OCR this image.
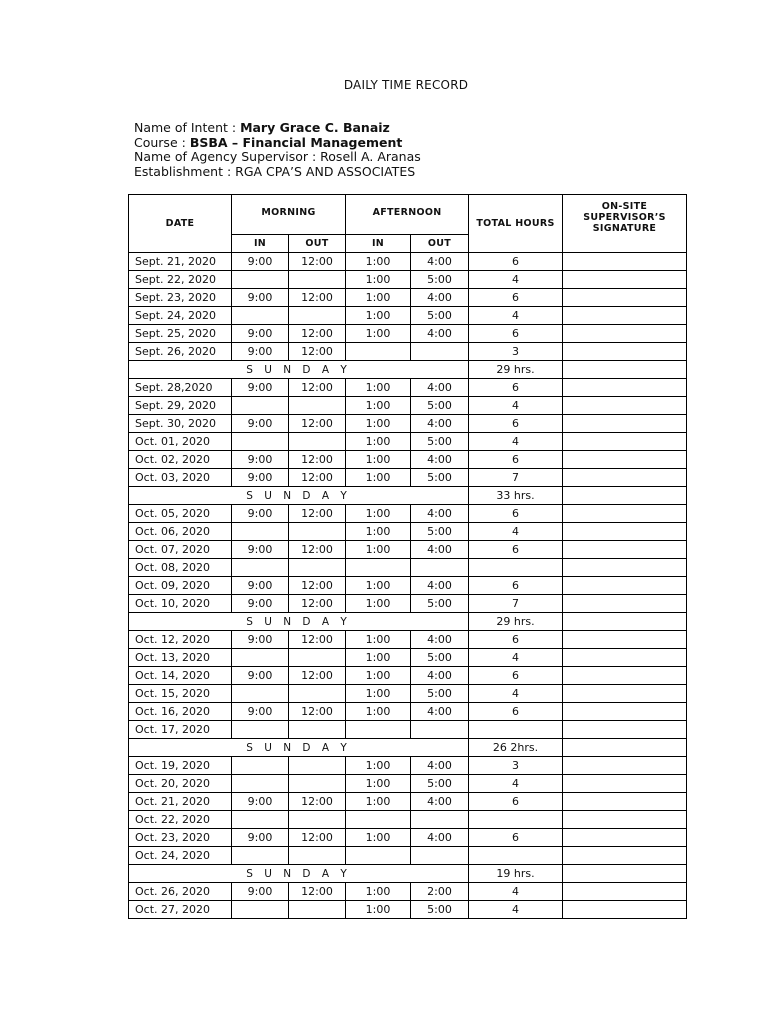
DAILY TIME RECORD
Name of Intent : Mary Grace C. Banaiz
Course : BSBA – Financial Management
Name of Agency Supervisor : Rosell A. Aranas
Establishment : RGA CPA’S AND ASSOCIATES
DATE	MORNING		AFTERNOON		TOTAL HOURS	ON-SITE SUPERVISOR’S SIGNATURE
	IN	OUT	IN	OUT		
Sept. 21, 2020	9:00	12:00	1:00	4:00	6	
Sept. 22, 2020			1:00	5:00	4	
Sept. 23, 2020	9:00	12:00	1:00	4:00	6	
Sept. 24, 2020			1:00	5:00	4	
Sept. 25, 2020	9:00	12:00	1:00	4:00	6	
Sept. 26, 2020	9:00	12:00			3	
S U N D A Y					29 hrs.	
Sept. 28,2020	9:00	12:00	1:00	4:00	6	
Sept. 29, 2020			1:00	5:00	4	
Sept. 30, 2020	9:00	12:00	1:00	4:00	6	
Oct. 01, 2020			1:00	5:00	4	
Oct. 02, 2020	9:00	12:00	1:00	4:00	6	
Oct. 03, 2020	9:00	12:00	1:00	5:00	7	
S U N D A Y					33 hrs.	
Oct. 05, 2020	9:00	12:00	1:00	4:00	6	
Oct. 06, 2020			1:00	5:00	4	
Oct. 07, 2020	9:00	12:00	1:00	4:00	6	
Oct. 08, 2020						
Oct. 09, 2020	9:00	12:00	1:00	4:00	6	
Oct. 10, 2020	9:00	12:00	1:00	5:00	7	
S U N D A Y					29 hrs.	
Oct. 12, 2020	9:00	12:00	1:00	4:00	6	
Oct. 13, 2020			1:00	5:00	4	
Oct. 14, 2020	9:00	12:00	1:00	4:00	6	
Oct. 15, 2020			1:00	5:00	4	
Oct. 16, 2020	9:00	12:00	1:00	4:00	6	
Oct. 17, 2020						
S U N D A Y					26 2hrs.	
Oct. 19, 2020			1:00	4:00	3	
Oct. 20, 2020			1:00	5:00	4	
Oct. 21, 2020	9:00	12:00	1:00	4:00	6	
Oct. 22, 2020						
Oct. 23, 2020	9:00	12:00	1:00	4:00	6	
Oct. 24, 2020						
S U N D A Y					19 hrs.	
Oct. 26, 2020	9:00	12:00	1:00	2:00	4	
Oct. 27, 2020			1:00	5:00	4	
